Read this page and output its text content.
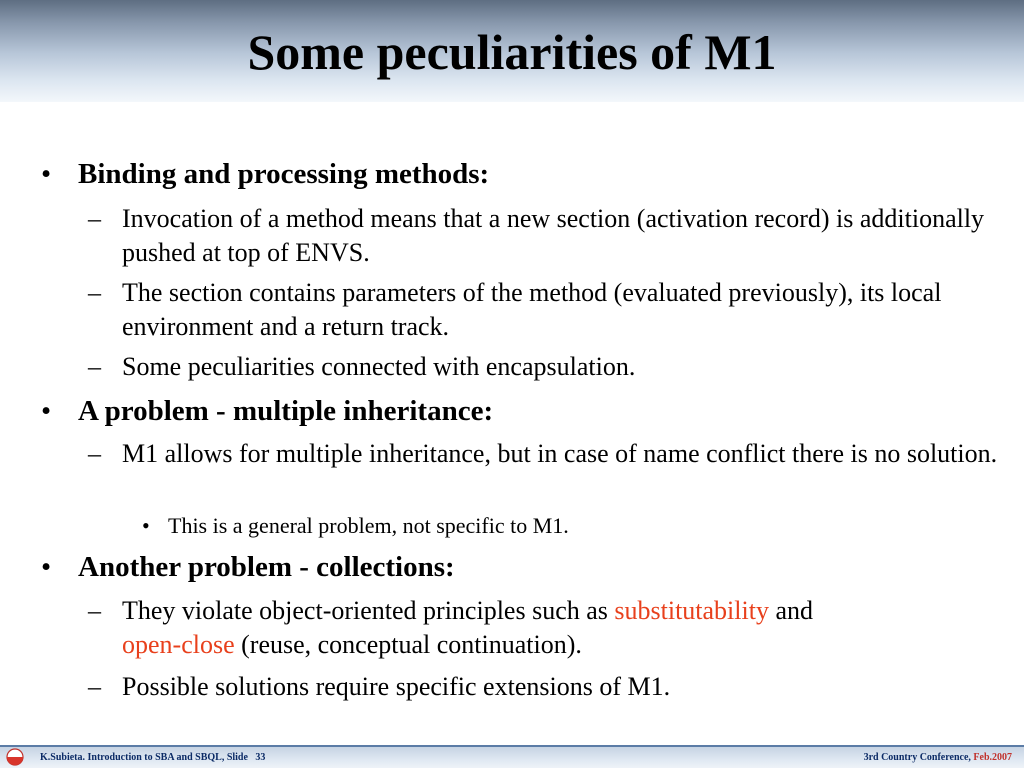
Some peculiarities of M1
• Binding and processing methods:
– Invocation of a method means that a new section (activation record) is additionally pushed at top of ENVS.
– The section contains parameters of the method (evaluated previously), its local environment and a return track.
– Some peculiarities connected with encapsulation.
• A problem - multiple inheritance:
– M1 allows for multiple inheritance, but in case of name conflict there is no solution.
• This is a general problem, not specific to M1.
• Another problem - collections:
– They violate object-oriented principles such as substitutability and
open-close (reuse, conceptual continuation).
– Possible solutions require specific extensions of M1.
K.Subieta. Introduction to SBA and SBQL, Slide   33	3rd Country Conference, Feb.2007
